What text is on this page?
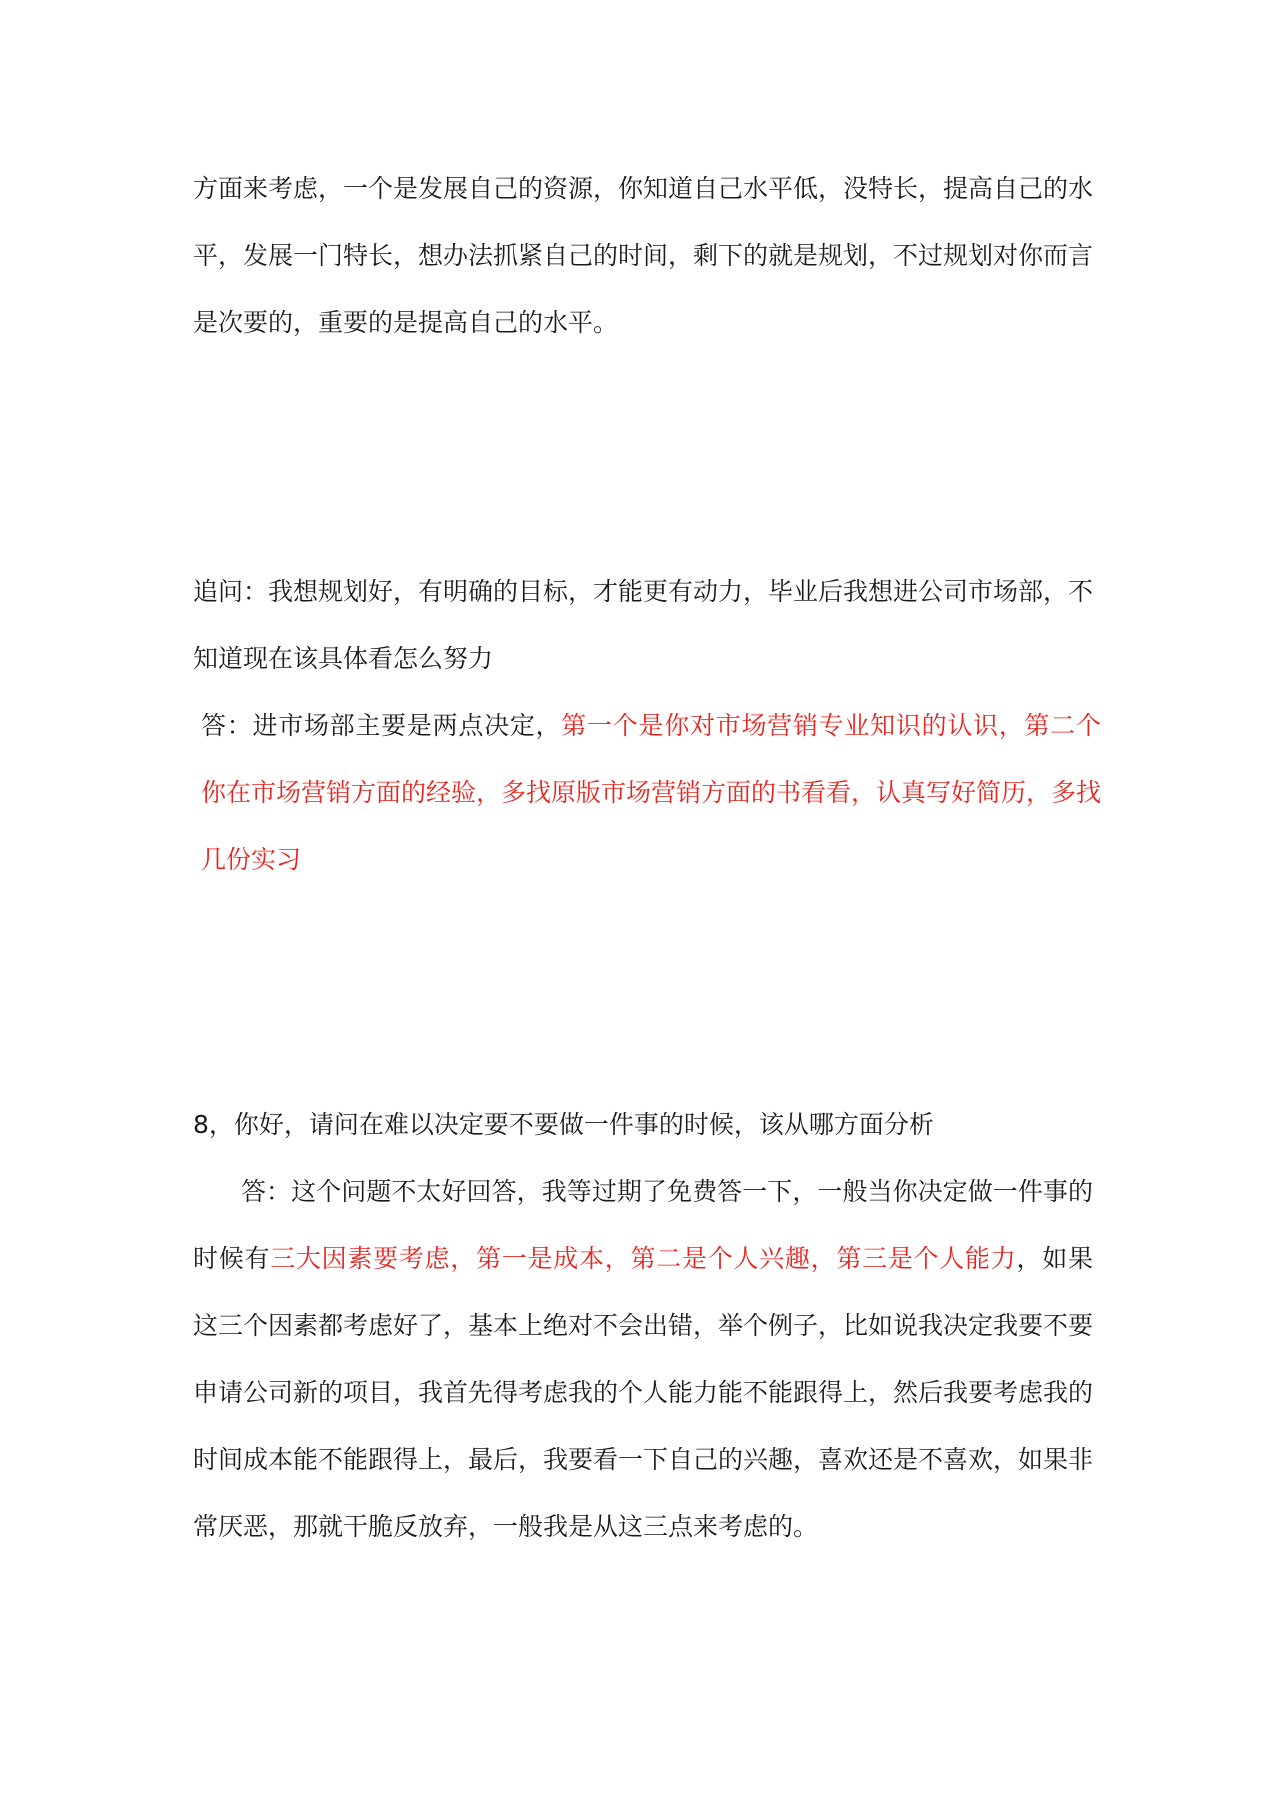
方面来考虑，一个是发展自己的资源，你知道自己水平低，没特长，提高自己的水平，发展一门特长，想办法抓紧自己的时间，剩下的就是规划，不过规划对你而言是次要的，重要的是提高自己的水平。

追问：我想规划好，有明确的目标，才能更有动力，毕业后我想进公司市场部，不知道现在该具体看怎么努力

答：进市场部主要是两点决定，第一个是你对市场营销专业知识的认识，第二个你在市场营销方面的经验，多找原版市场营销方面的书看看，认真写好简历，多找几份实习

8，你好，请问在难以决定要不要做一件事的时候，该从哪方面分析

答：这个问题不太好回答，我等过期了免费答一下，一般当你决定做一件事的时候有三大因素要考虑，第一是成本，第二是个人兴趣，第三是个人能力，如果这三个因素都考虑好了，基本上绝对不会出错，举个例子，比如说我决定我要不要申请公司新的项目，我首先得考虑我的个人能力能不能跟得上，然后我要考虑我的时间成本能不能跟得上，最后，我要看一下自己的兴趣，喜欢还是不喜欢，如果非常厌恶，那就干脆反放弃，一般我是从这三点来考虑的。
